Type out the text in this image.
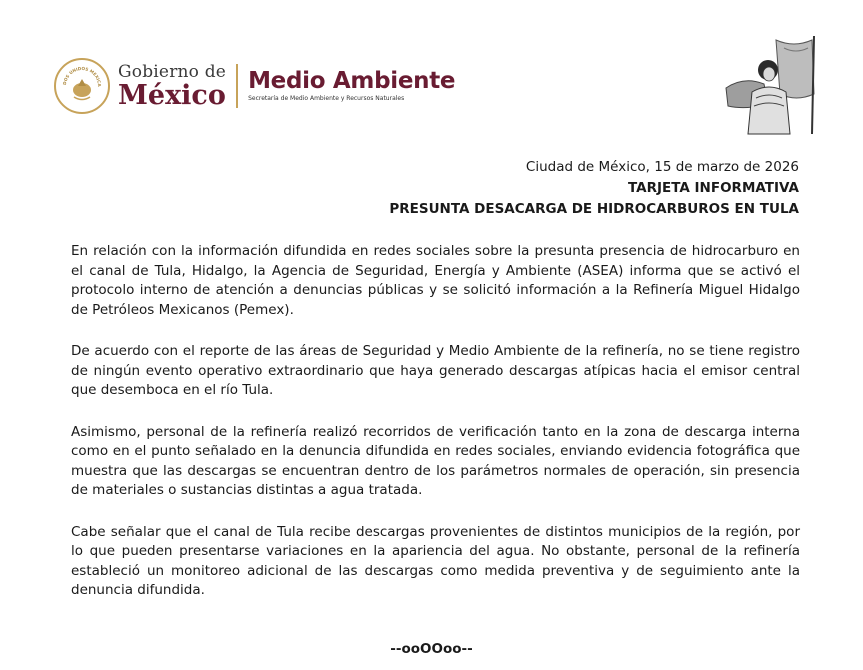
DOS UNIDOS MEXICA
Gobierno de
México Medio Ambiente
Secretaría de Medio Ambiente y Recursos Naturales
Ciudad de México, 15 de marzo de 2026
TARJETA INFORMATIVA
PRESUNTA DESACARGA DE HIDROCARBUROS EN TULA

En relación con la información difundida en redes sociales sobre la presunta presencia de hidrocarburo en el canal de Tula, Hidalgo, la Agencia de Seguridad, Energía y Ambiente (ASEA) informa que se activó el protocolo interno de atención a denuncias públicas y se solicitó información a la Refinería Miguel Hidalgo de Petróleos Mexicanos (Pemex).

De acuerdo con el reporte de las áreas de Seguridad y Medio Ambiente de la refinería, no se tiene registro de ningún evento operativo extraordinario que haya generado descargas atípicas hacia el emisor central que desemboca en el río Tula.

Asimismo, personal de la refinería realizó recorridos de verificación tanto en la zona de descarga interna como en el punto señalado en la denuncia difundida en redes sociales, enviando evidencia fotográfica que muestra que las descargas se encuentran dentro de los parámetros normales de operación, sin presencia de materiales o sustancias distintas a agua tratada.

Cabe señalar que el canal de Tula recibe descargas provenientes de distintos municipios de la región, por lo que pueden presentarse variaciones en la apariencia del agua. No obstante, personal de la refinería estableció un monitoreo adicional de las descargas como medida preventiva y de seguimiento ante la denuncia difundida.

--ooOOoo--
